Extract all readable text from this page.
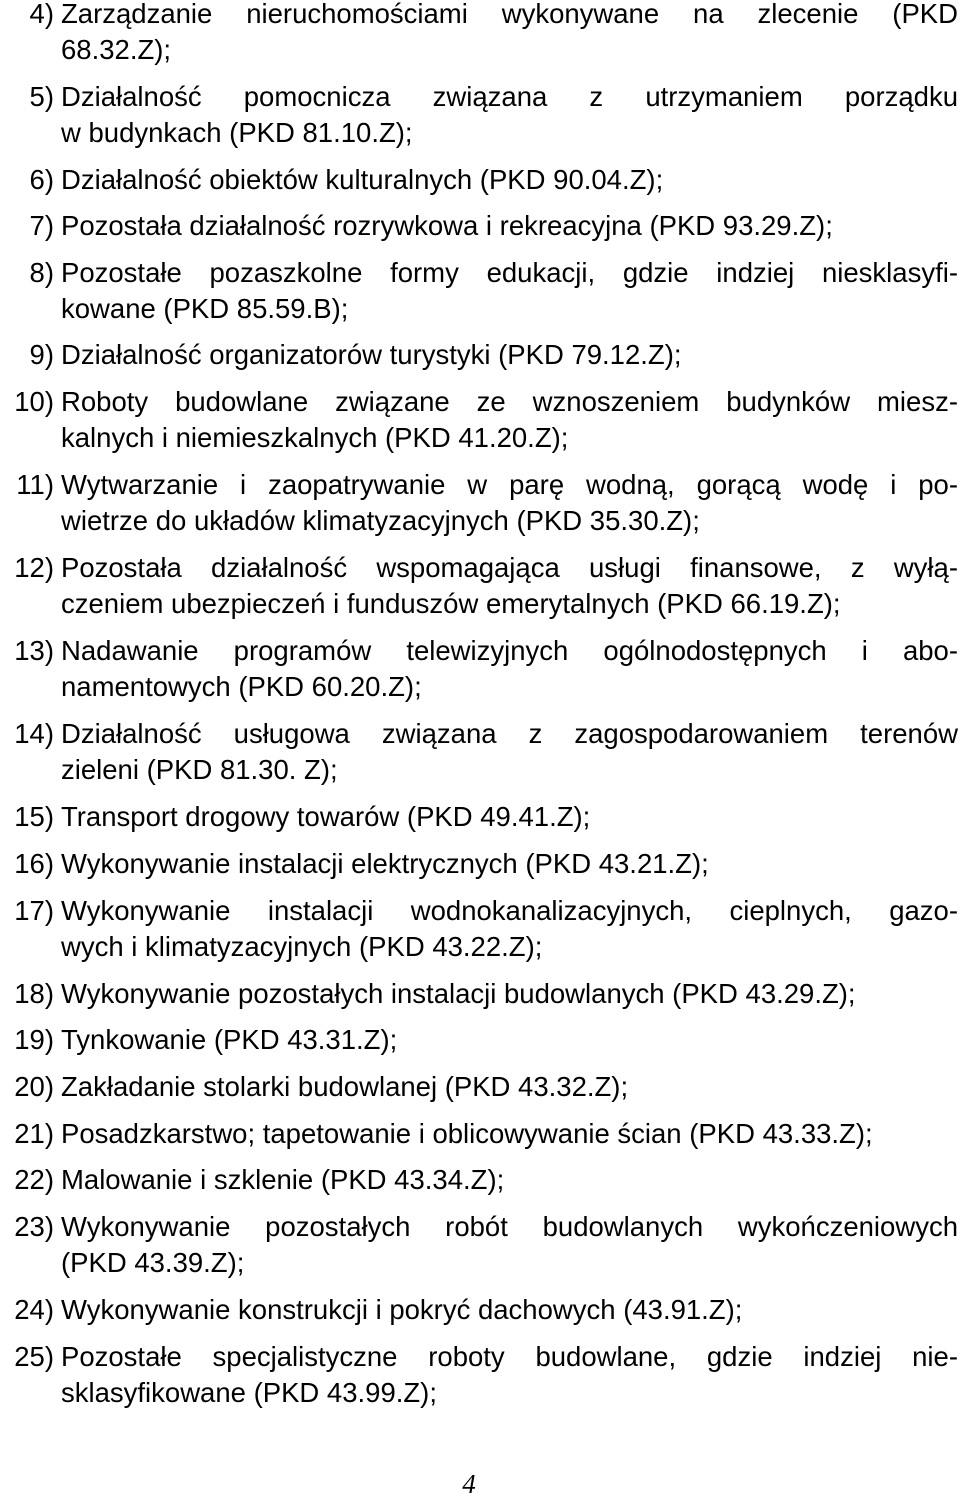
4) Zarządzanie nieruchomościami wykonywane na zlecenie (PKD
68.32.Z);
5) Działalność pomocnicza związana z utrzymaniem porządku
w budynkach (PKD 81.10.Z);
6) Działalność obiektów kulturalnych (PKD 90.04.Z);
7) Pozostała działalność rozrywkowa i rekreacyjna (PKD 93.29.Z);
8) Pozostałe pozaszkolne formy edukacji, gdzie indziej niesklasyfi-
kowane (PKD 85.59.B);
9) Działalność organizatorów turystyki (PKD 79.12.Z);
10) Roboty budowlane związane ze wznoszeniem budynków miesz-
kalnych i niemieszkalnych (PKD 41.20.Z);
11) Wytwarzanie i zaopatrywanie w parę wodną, gorącą wodę i po-
wietrze do układów klimatyzacyjnych (PKD 35.30.Z);
12) Pozostała działalność wspomagająca usługi finansowe, z wyłą-
czeniem ubezpieczeń i funduszów emerytalnych (PKD 66.19.Z);
13) Nadawanie programów telewizyjnych ogólnodostępnych i abo-
namentowych (PKD 60.20.Z);
14) Działalność usługowa związana z zagospodarowaniem terenów
zieleni (PKD 81.30. Z);
15) Transport drogowy towarów (PKD 49.41.Z);
16) Wykonywanie instalacji elektrycznych (PKD 43.21.Z);
17) Wykonywanie instalacji wodnokanalizacyjnych, cieplnych, gazo-
wych i klimatyzacyjnych (PKD 43.22.Z);
18) Wykonywanie pozostałych instalacji budowlanych (PKD 43.29.Z);
19) Tynkowanie (PKD 43.31.Z);
20) Zakładanie stolarki budowlanej (PKD 43.32.Z);
21) Posadzkarstwo; tapetowanie i oblicowywanie ścian (PKD 43.33.Z);
22) Malowanie i szklenie (PKD 43.34.Z);
23) Wykonywanie pozostałych robót budowlanych wykończeniowych
(PKD 43.39.Z);
24) Wykonywanie konstrukcji i pokryć dachowych (43.91.Z);
25) Pozostałe specjalistyczne roboty budowlane, gdzie indziej nie-
sklasyfikowane (PKD 43.99.Z);
4
